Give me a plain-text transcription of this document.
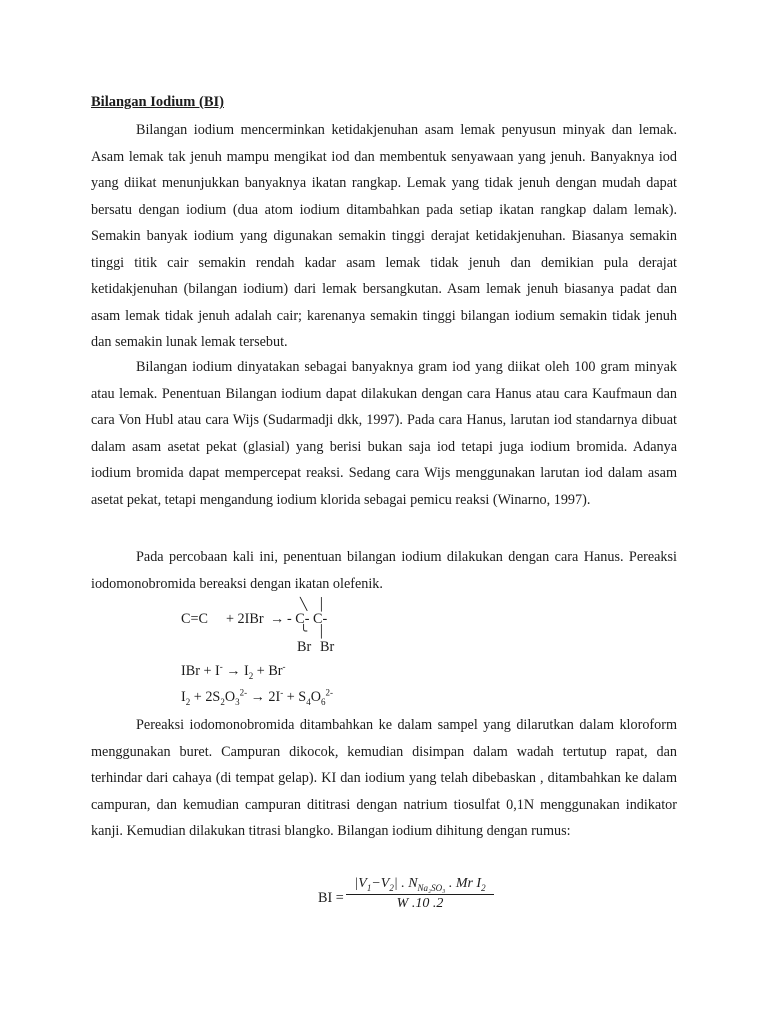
Bilangan Iodium (BI)

Bilangan iodium mencerminkan ketidakjenuhan asam lemak penyusun minyak dan lemak. Asam lemak tak jenuh mampu mengikat iod dan membentuk senyawaan yang jenuh. Banyaknya iod yang diikat menunjukkan banyaknya ikatan rangkap. Lemak yang tidak jenuh dengan mudah dapat bersatu dengan iodium (dua atom iodium ditambahkan pada setiap ikatan rangkap dalam lemak). Semakin banyak iodium yang digunakan semakin tinggi derajat ketidakjenuhan. Biasanya semakin tinggi titik cair semakin rendah kadar asam lemak tidak jenuh dan demikian pula derajat ketidakjenuhan (bilangan iodium) dari lemak bersangkutan. Asam lemak jenuh biasanya padat dan asam lemak tidak jenuh adalah cair; karenanya semakin tinggi bilangan iodium semakin tidak jenuh dan semakin lunak lemak tersebut.

Bilangan iodium dinyatakan sebagai banyaknya gram iod yang diikat oleh 100 gram minyak atau lemak. Penentuan Bilangan iodium dapat dilakukan dengan cara Hanus atau cara Kaufmaun dan cara Von Hubl atau cara Wijs (Sudarmadji dkk, 1997). Pada cara Hanus, larutan iod standarnya dibuat dalam asam asetat pekat (glasial) yang berisi bukan saja iod tetapi juga iodium bromida. Adanya iodium bromida dapat mempercepat reaksi. Sedang cara Wijs menggunakan larutan iod dalam asam asetat pekat, tetapi mengandung iodium klorida sebagai pemicu reaksi (Winarno, 1997).

Pada percobaan kali ini, penentuan bilangan iodium dilakukan dengan cara Hanus. Pereaksi iodomonobromida bereaksi dengan ikatan olefenik.

C=C + 2IBr → - C- C-
╲ │
╰ │
Br Br
IBr + $I^- \to I_2 + Br^-$
$I_2 + 2S_2O_3^{2-} \to 2I^- + S_4O_6^{2-}$

Pereaksi iodomonobromida ditambahkan ke dalam sampel yang dilarutkan dalam kloroform menggunakan buret. Campuran dikocok, kemudian disimpan dalam wadah tertutup rapat, dan terhindar dari cahaya (di tempat gelap). KI dan iodium yang telah dibebaskan , ditambahkan ke dalam campuran, dan kemudian campuran dititrasi dengan natrium tiosulfat 0,1N menggunakan indikator kanji. Kemudian dilakukan titrasi blangko. Bilangan iodium dihitung dengan rumus:

BI =
$|V_1-V_2|$ . $N_{Na_2SO_3}$ . Mr $I_2$
W .10 .2
